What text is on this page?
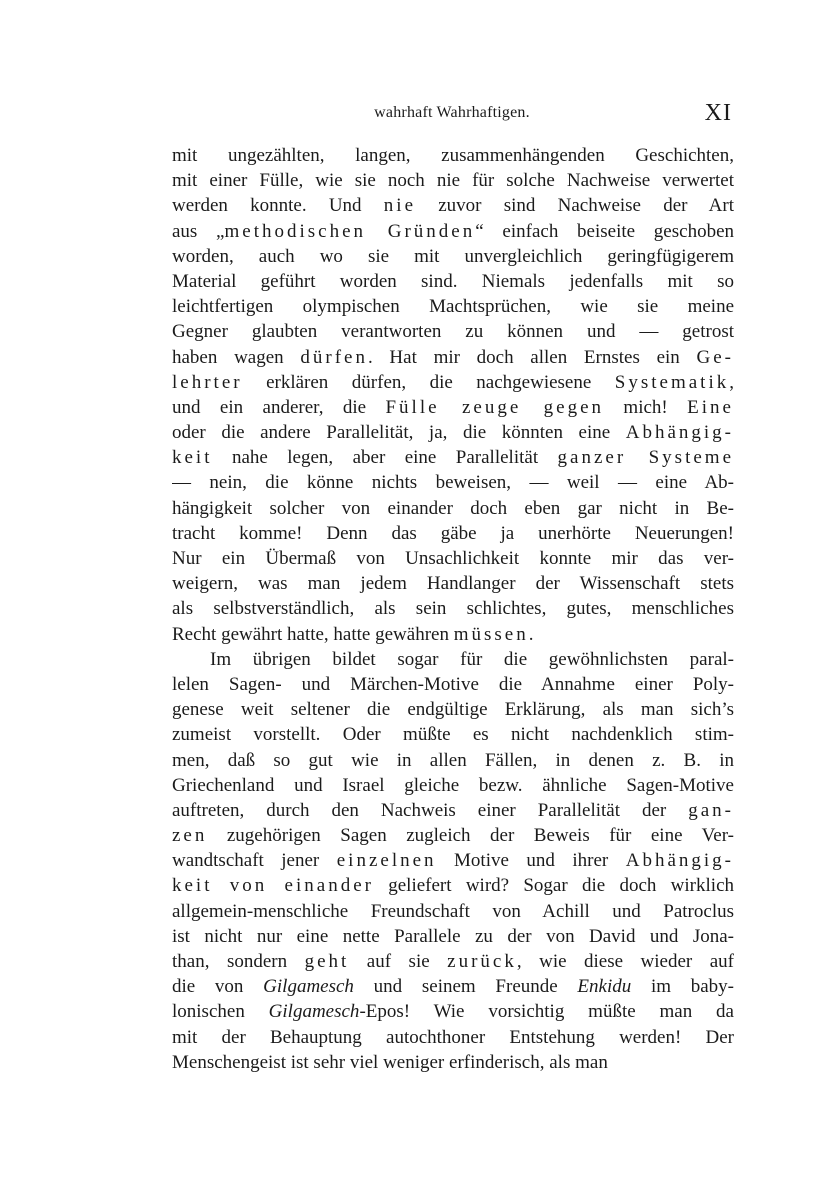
wahrhaft Wahrhaftigen.	XI
mit ungezählten, langen, zusammenhängenden Geschichten,
mit einer Fülle, wie sie noch nie für solche Nachweise verwertet
werden konnte. Und nie zuvor sind Nachweise der Art
aus „methodischen Gründen“ einfach beiseite geschoben
worden, auch wo sie mit unvergleichlich geringfügigerem
Material geführt worden sind. Niemals jedenfalls mit so
leichtfertigen olympischen Machtsprüchen, wie sie meine
Gegner glaubten verantworten zu können und — getrost
haben wagen dürfen. Hat mir doch allen Ernstes ein Ge-
lehrter erklären dürfen, die nachgewiesene Systematik,
und ein anderer, die Fülle zeuge gegen mich! Eine
oder die andere Parallelität, ja, die könnten eine Abhängig-
keit nahe legen, aber eine Parallelität ganzer Systeme
— nein, die könne nichts beweisen, — weil — eine Ab-
hängigkeit solcher von einander doch eben gar nicht in Be-
tracht komme! Denn das gäbe ja unerhörte Neuerungen!
Nur ein Übermaß von Unsachlichkeit konnte mir das ver-
weigern, was man jedem Handlanger der Wissenschaft stets
als selbstverständlich, als sein schlichtes, gutes, menschliches
Recht gewährt hatte, hatte gewähren müssen.
Im übrigen bildet sogar für die gewöhnlichsten paral-
lelen Sagen- und Märchen-Motive die Annahme einer Poly-
genese weit seltener die endgültige Erklärung, als man sich’s
zumeist vorstellt. Oder müßte es nicht nachdenklich stim-
men, daß so gut wie in allen Fällen, in denen z. B. in
Griechenland und Israel gleiche bezw. ähnliche Sagen-Motive
auftreten, durch den Nachweis einer Parallelität der gan-
zen zugehörigen Sagen zugleich der Beweis für eine Ver-
wandtschaft jener einzelnen Motive und ihrer Abhängig-
keit von einander geliefert wird? Sogar die doch wirklich
allgemein-menschliche Freundschaft von Achill und Patroclus
ist nicht nur eine nette Parallele zu der von David und Jona-
than, sondern geht auf sie zurück, wie diese wieder auf
die von Gilgamesch und seinem Freunde Enkidu im baby-
lonischen Gilgamesch-Epos! Wie vorsichtig müßte man da
mit der Behauptung autochthoner Entstehung werden! Der
Menschengeist ist sehr viel weniger erfinderisch, als man
